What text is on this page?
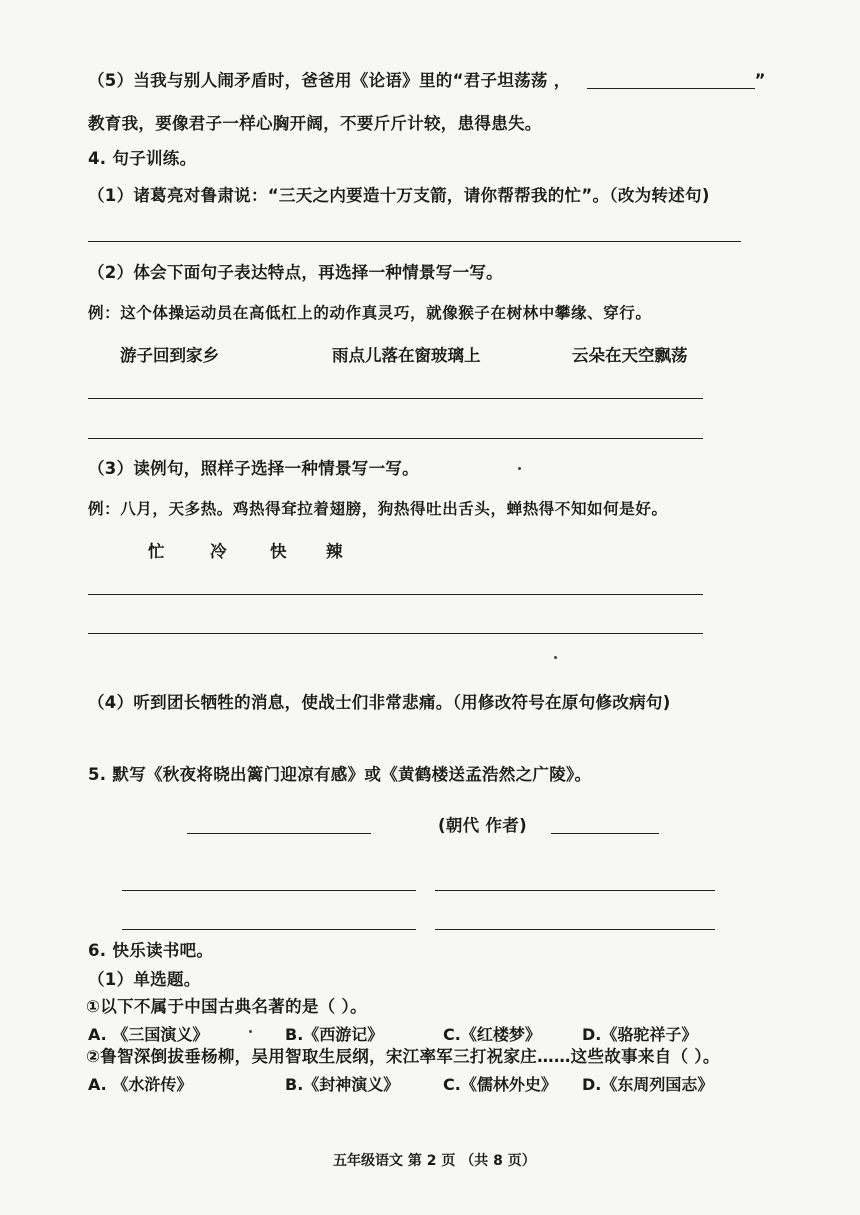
（5）当我与别人闹矛盾时，爸爸用《论语》里的“君子坦荡荡 ，	”
教育我，要像君子一样心胸开阔，不要斤斤计较，患得患失。
4. 句子训练。
（1）诸葛亮对鲁肃说：“三天之内要造十万支箭，请你帮帮我的忙”。（改为转述句)
（2）体会下面句子表达特点，再选择一种情景写一写。
例：这个体操运动员在高低杠上的动作真灵巧，就像猴子在树林中攀缘、穿行。
游子回到家乡	雨点儿落在窗玻璃上	云朵在天空飘荡
（3）读例句，照样子选择一种情景写一写。
例：八月，天多热。鸡热得耷拉着翅膀，狗热得吐出舌头，蝉热得不知如何是好。
忙	冷	快 辣
（4）听到团长牺牲的消息，使战士们非常悲痛。（用修改符号在原句修改病句)
5. 默写《秋夜将晓出篱门迎凉有感》或《黄鹤楼送孟浩然之广陵》。
(朝代 作者)
6. 快乐读书吧。
（1）单选题。
①以下不属于中国古典名著的是（ ）。
A. 《三国演义》	B.《西游记》	C.《红楼梦》	D.《骆驼祥子》
②鲁智深倒拔垂杨柳，吴用智取生辰纲，宋江率军三打祝家庄……这些故事来自（ ）。
A. 《水浒传》	B.《封神演义》	C.《儒林外史》 D.《东周列国志》
五年级语文 第 2 页 （共 8 页）
